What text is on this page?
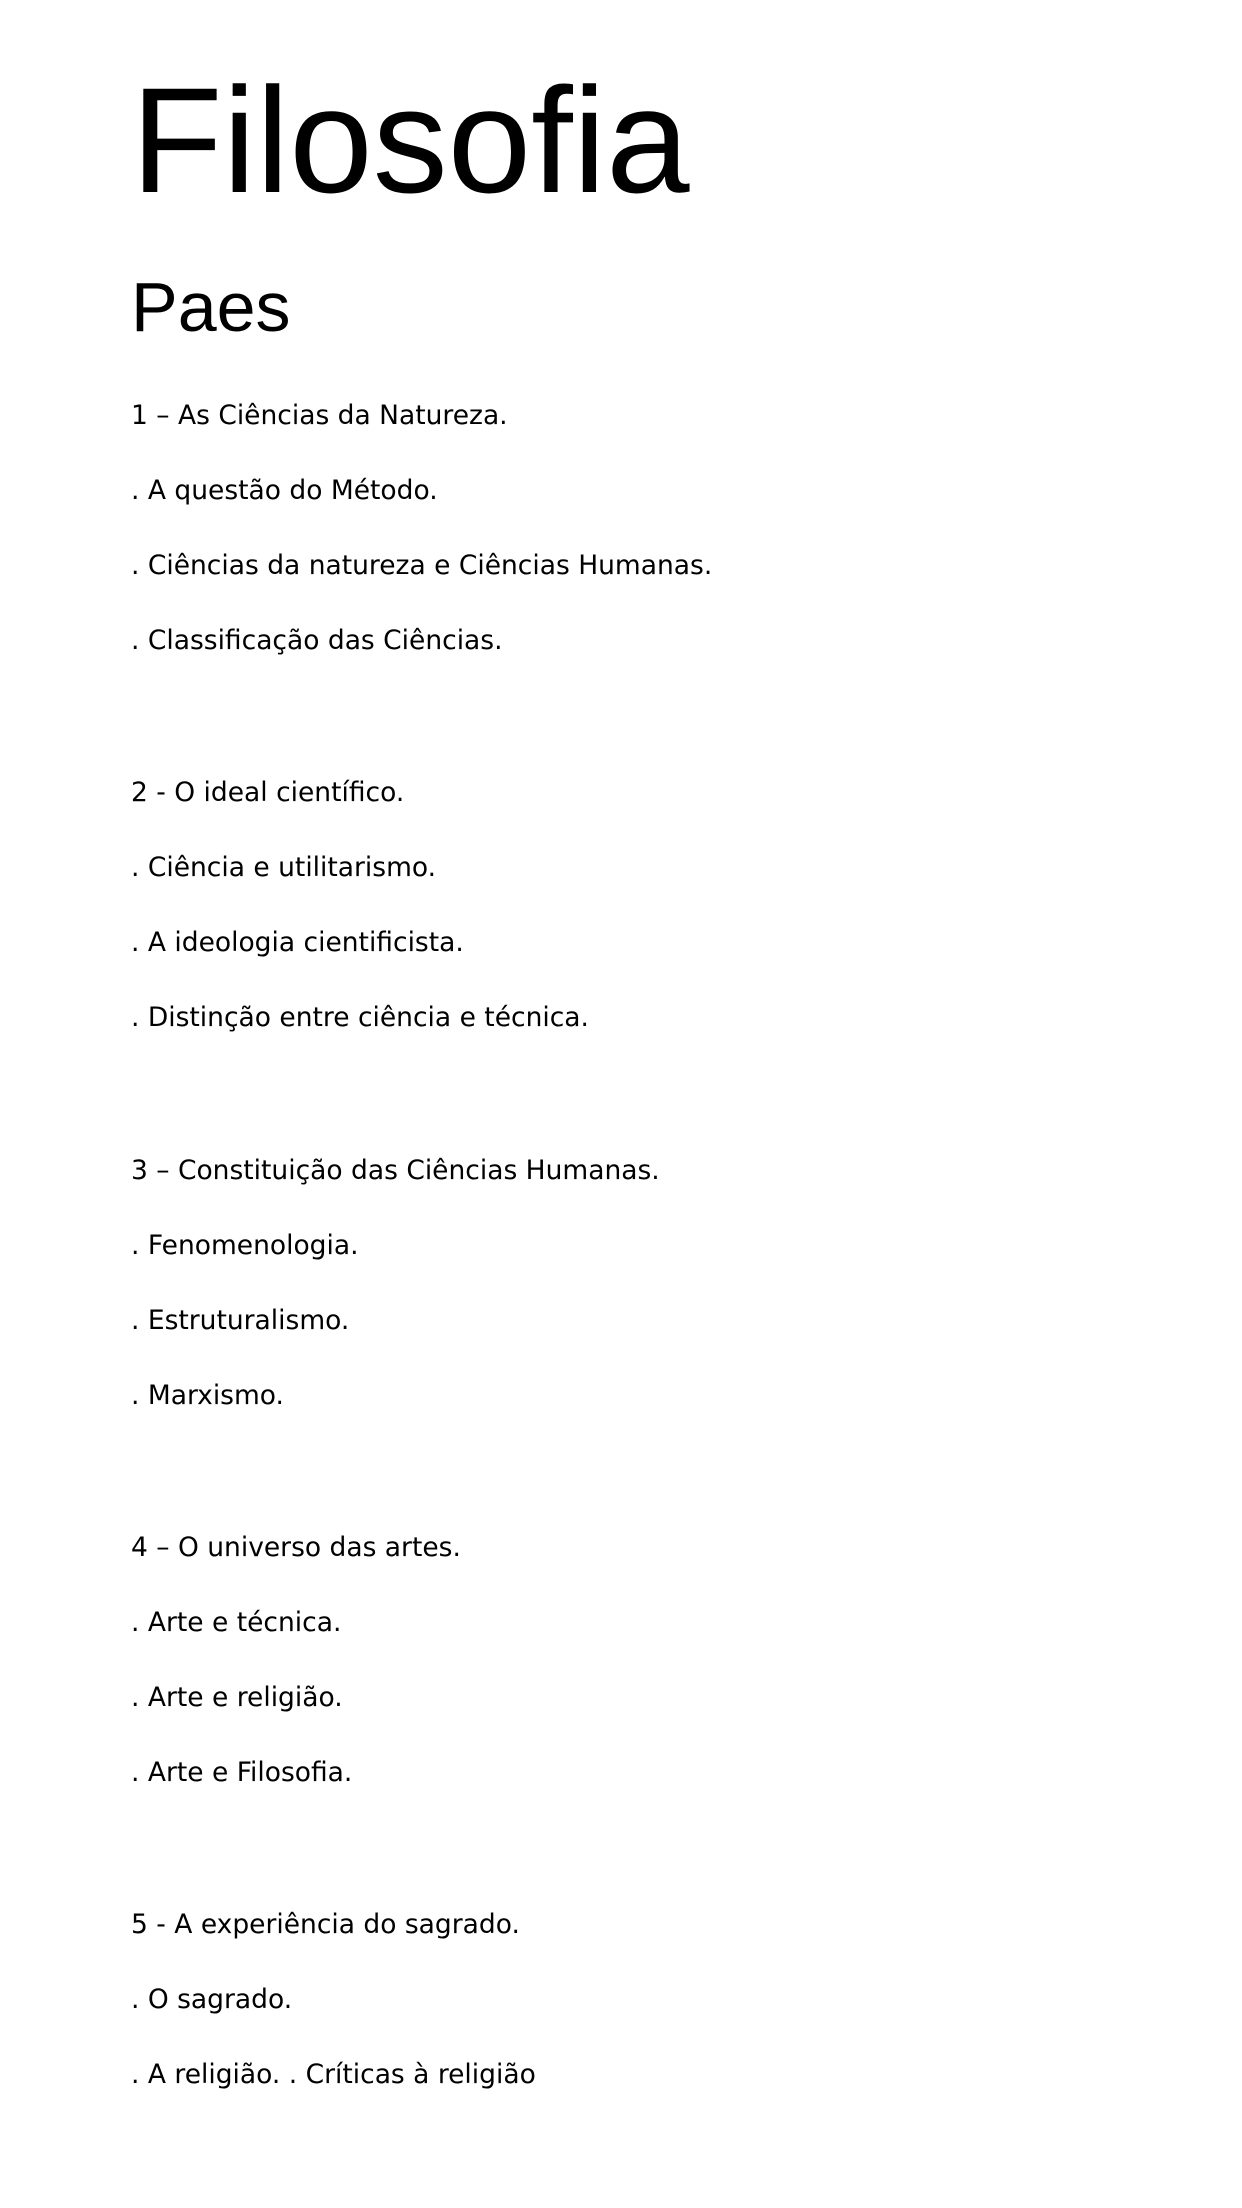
Filosofia
Paes

1 – As Ciências da Natureza.

. A questão do Método.

. Ciências da natureza e Ciências Humanas.

. Classificação das Ciências.

2 - O ideal científico.

. Ciência e utilitarismo.

. A ideologia cientificista.

. Distinção entre ciência e técnica.

3 – Constituição das Ciências Humanas.

. Fenomenologia.

. Estruturalismo.

. Marxismo.

4 – O universo das artes.

. Arte e técnica.

. Arte e religião.

. Arte e Filosofia.

5 - A experiência do sagrado.

. O sagrado.

. A religião. . Críticas à religião
